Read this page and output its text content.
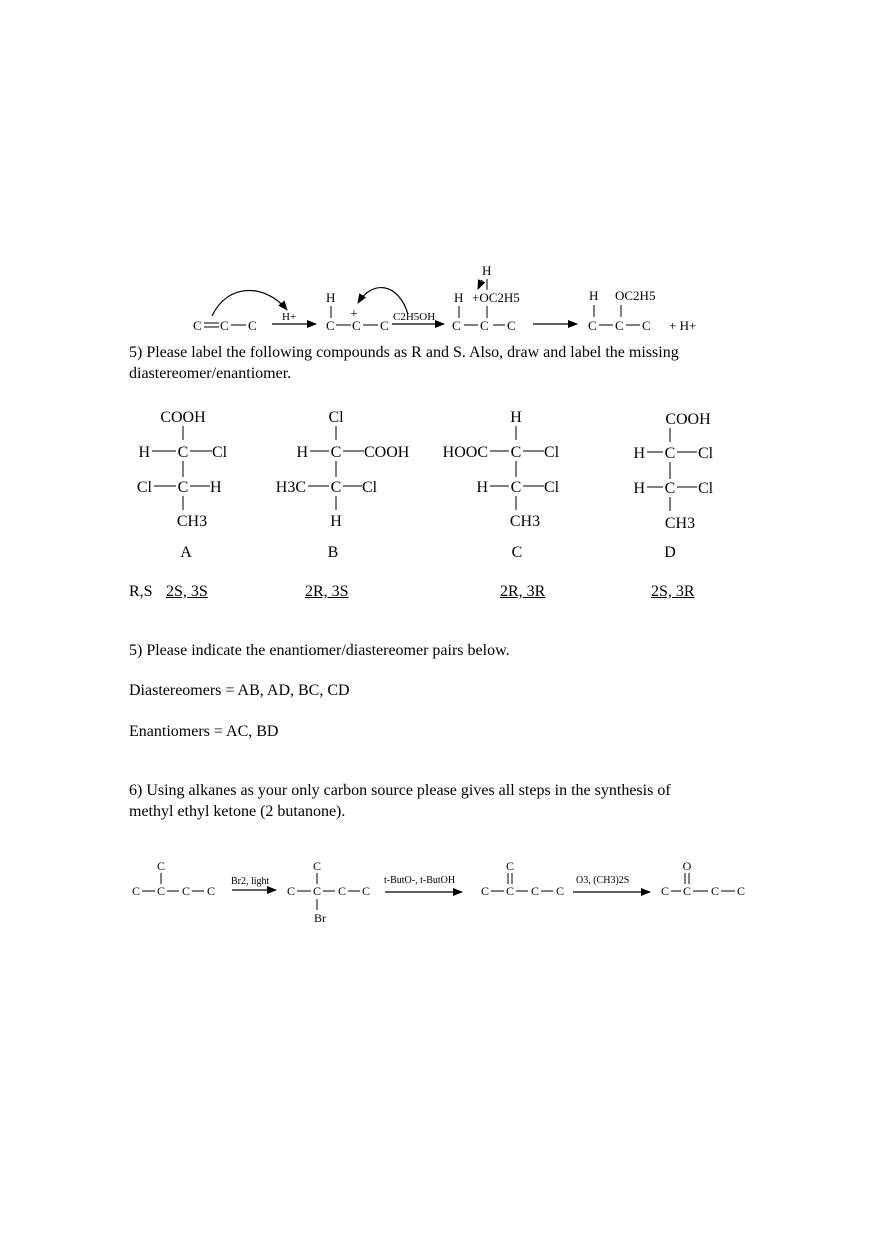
C C C
H+
H
+
C C C
C2H5OH
H
H +OC2H5
C C C
H OC2H5
C C C + H+
5) Please label the following compounds as R and S. Also, draw and label the missing
diastereomer/enantiomer.
COOH
H C Cl
Cl C H
CH3
A
Cl
H C COOH
H3C C Cl
H
B
H
HOOC C Cl
H C Cl
CH3
C
COOH
H C Cl
H C Cl
CH3
D
R,S 2S, 3S	2R, 3S	2R, 3R	2S, 3R
5) Please indicate the enantiomer/diastereomer pairs below.
Diastereomers = AB, AD, BC, CD
Enantiomers = AC, BD
6) Using alkanes as your only carbon source please gives all steps in the synthesis of
methyl ethyl ketone (2 butanone).
C
C C C C
Br2, light
C
C C C C
Br
t-ButO-, t-ButOH
C
C C C C
O3, (CH3)2S
O
C C C C
